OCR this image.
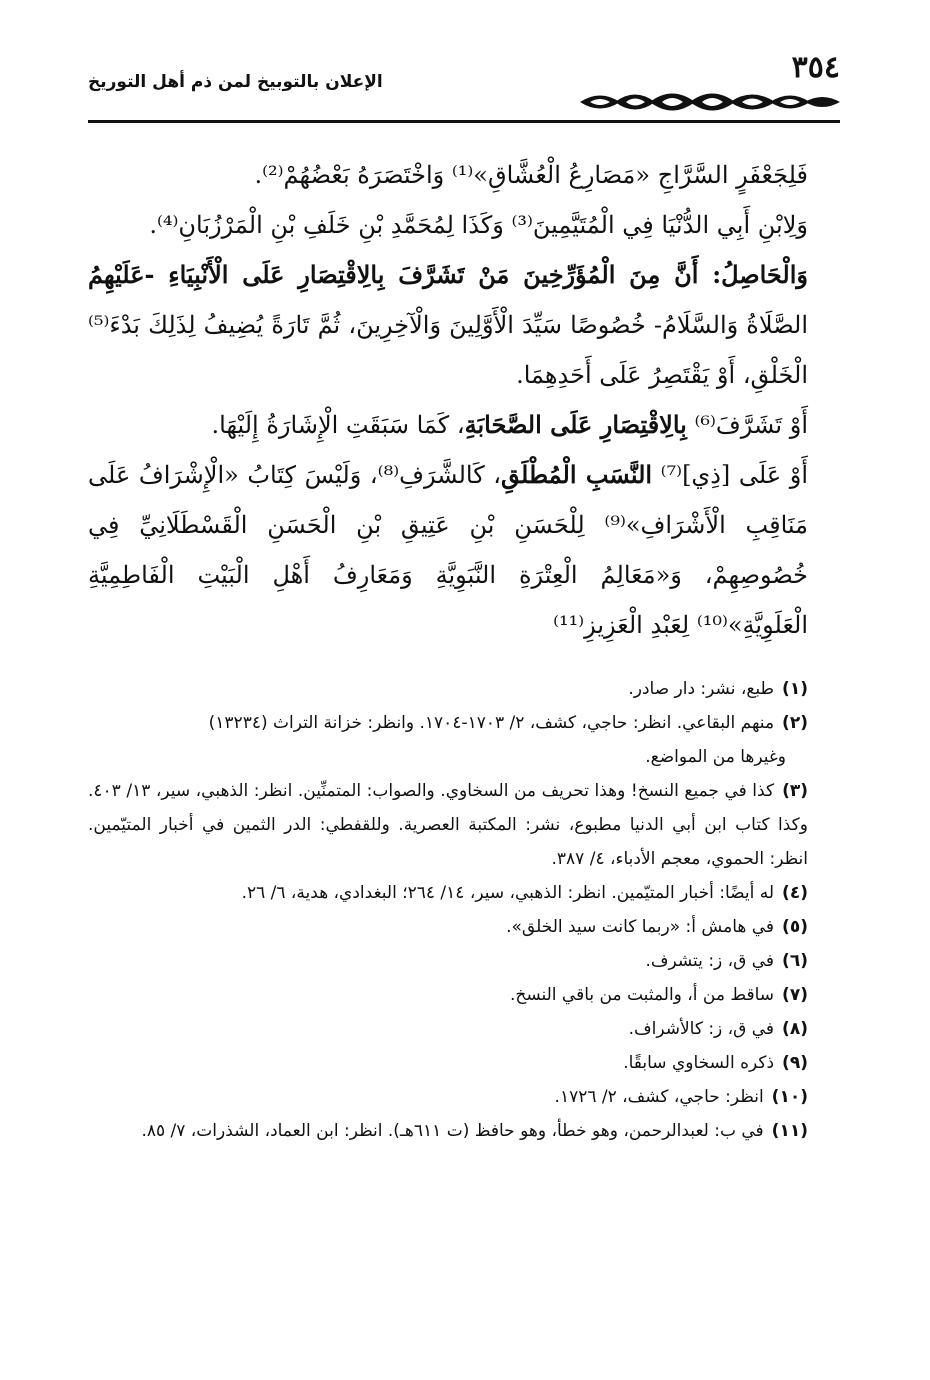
٣٥٤
الإعلان بالتوبيخ لمن ذم أهل التوريخ

فَلِجَعْفَرٍ السَّرَّاجِ «مَصَارِعُ الْعُشَّاقِ»⁽¹⁾ وَاخْتَصَرَهُ بَعْضُهُمْ⁽²⁾.

وَلِابْنِ أَبِي الدُّنْيَا فِي الْمُتَيَّمِينَ⁽³⁾ وَكَذَا لِمُحَمَّدِ بْنِ خَلَفِ بْنِ الْمَرْزُبَانِ⁽⁴⁾.

وَالْحَاصِلُ: أَنَّ مِنَ الْمُؤَرِّخِينَ مَنْ تَشَرَّفَ بِالِاقْتِصَارِ عَلَى الْأَنْبِيَاءِ -عَلَيْهِمُ الصَّلَاةُ وَالسَّلَامُ- خُصُوصًا سَيِّدَ الْأَوَّلِينَ وَالْآخِرِينَ، ثُمَّ تَارَةً يُضِيفُ لِذَلِكَ بَدْءَ⁽⁵⁾ الْخَلْقِ، أَوْ يَقْتَصِرُ عَلَى أَحَدِهِمَا.

أَوْ تَشَرَّفَ⁽⁶⁾ بِالِاقْتِصَارِ عَلَى الصَّحَابَةِ، كَمَا سَبَقَتِ الْإِشَارَةُ إِلَيْهَا.

أَوْ عَلَى [ذِي]⁽⁷⁾ النَّسَبِ الْمُطْلَقِ، كَالشَّرَفِ⁽⁸⁾، وَلَيْسَ كِتَابُ «الْإِشْرَافُ عَلَى مَنَاقِبِ الْأَشْرَافِ»⁽⁹⁾ لِلْحَسَنِ بْنِ عَتِيقِ بْنِ الْحَسَنِ الْقَسْطَلَانِيِّ فِي خُصُوصِهِمْ، وَ«مَعَالِمُ الْعِتْرَةِ النَّبَوِيَّةِ وَمَعَارِفُ أَهْلِ الْبَيْتِ الْفَاطِمِيَّةِ الْعَلَوِيَّةِ»⁽¹⁰⁾ لِعَبْدِ الْعَزِيزِ⁽¹¹⁾

(١)طبع، نشر: دار صادر.

(٢)منهم البقاعي. انظر: حاجي، كشف، ٢/ ١٧٠٣-١٧٠٤. وانظر: خزانة التراث (١٣٢٣٤)

وغيرها من المواضع.

(٣)كذا في جميع النسخ! وهذا تحريف من السخاوي. والصواب: المتمنِّين. انظر: الذهبي، سير، ١٣/ ٤٠٣. وكذا كتاب ابن أبي الدنيا مطبوع، نشر: المكتبة العصرية. وللقفطي: الدر الثمين في أخبار المتيّمين. انظر: الحموي، معجم الأدباء، ٤/ ٣٨٧.

(٤)له أيضًا: أخبار المتيّمين. انظر: الذهبي، سير، ١٤/ ٢٦٤؛ البغدادي، هدية، ٦/ ٢٦.

(٥)في هامش أ: «ربما كانت سيد الخلق».

(٦)في ق، ز: يتشرف.

(٧)ساقط من أ، والمثبت من باقي النسخ.

(٨)في ق، ز: كالأشراف.

(٩)ذكره السخاوي سابقًا.

(١٠)انظر: حاجي، كشف، ٢/ ١٧٢٦.

(١١)في ب: لعبدالرحمن، وهو خطأ، وهو حافظ (ت ٦١١هـ). انظر: ابن العماد، الشذرات، ٧/ ٨٥.
